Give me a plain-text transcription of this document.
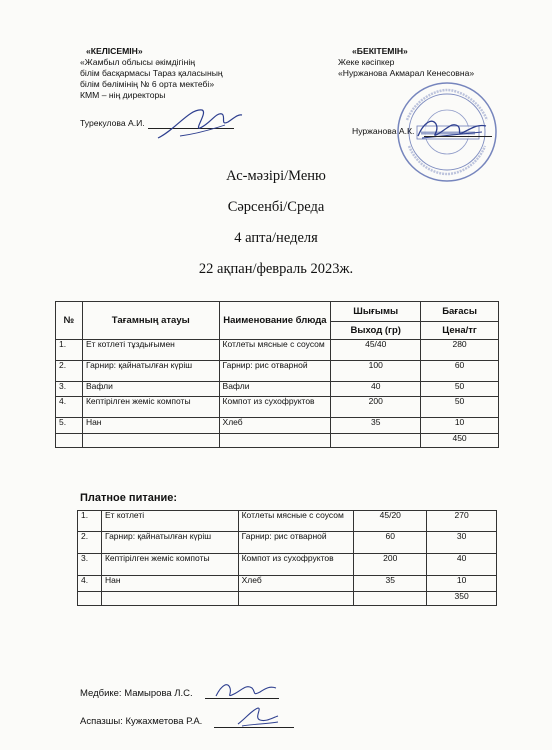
«КЕЛІСЕМІН»
«Жамбыл облысы әкімдігінің
білім басқармасы Тараз қаласының
білім бөлімінің № 6 орта мектебі»
КММ – нің директоры
Турекулова А.И.
«БЕКІТЕМІН»
Жеке кәсіпкер
«Нуржанова Акмарал Кенесовна»
Нуржанова А.К.
Ас-мәзірі/Меню
Сәрсенбі/Среда
4 апта/неделя
22 ақпан/февраль 2023ж.
№	Тағамның атауы	Наименование блюда	Шығымы	Бағасы
			Выход (гр)	Цена/тг
1.	Ет котлеті тұздығымен	Котлеты мясные с соусом	45/40	280
2.	Гарнир: қайнатылған күріш	Гарнир: рис отварной	100	60
3.	Вафли	Вафли	40	50
4.	Кептірілген жеміс компоты	Компот из сухофруктов	200	50
5.	Нан	Хлеб	35	10
				450
Платное питание:
1.	Ет котлеті	Котлеты мясные с соусом	45/20	270
2.	Гарнир: қайнатылған күріш	Гарнир: рис отварной	60	30
3.	Кептірілген жеміс компоты	Компот из сухофруктов	200	40
4.	Нан	Хлеб	35	10
				350
Медбике: Мамырова Л.С.
Аспазшы: Кужахметова Р.А.
